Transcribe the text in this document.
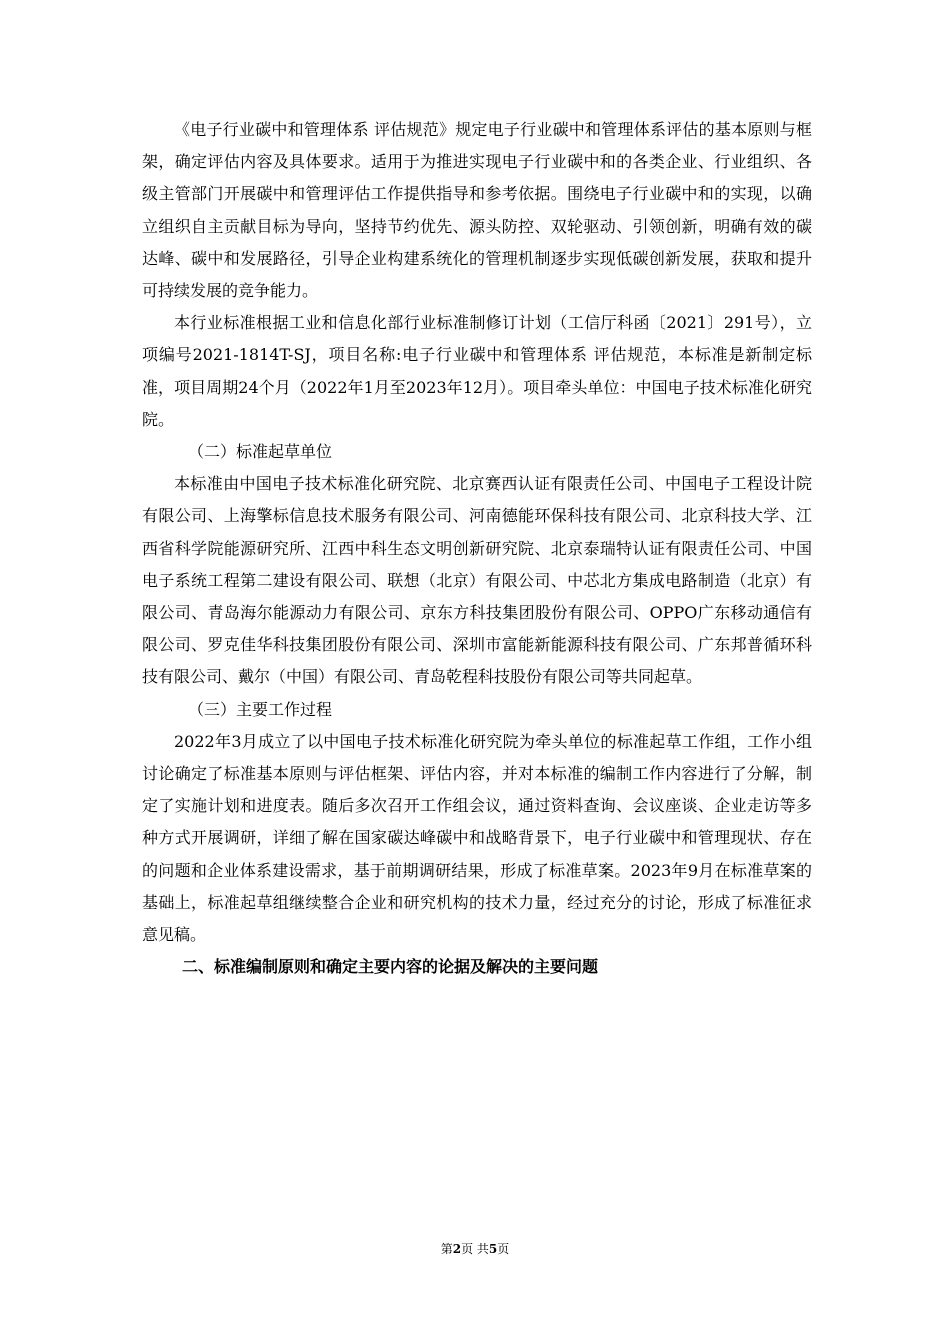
《电子行业碳中和管理体系 评估规范》规定电子行业碳中和管理体系评估的基本原则与框架，确定评估内容及具体要求。适用于为推进实现电子行业碳中和的各类企业、行业组织、各级主管部门开展碳中和管理评估工作提供指导和参考依据。围绕电子行业碳中和的实现，以确立组织自主贡献目标为导向，坚持节约优先、源头防控、双轮驱动、引领创新，明确有效的碳达峰、碳中和发展路径，引导企业构建系统化的管理机制逐步实现低碳创新发展，获取和提升可持续发展的竞争能力。

本行业标准根据工业和信息化部行业标准制修订计划（工信厅科函〔2021〕291号），立项编号2021-1814T-SJ，项目名称:电子行业碳中和管理体系 评估规范，本标准是新制定标准，项目周期24个月（2022年1月至2023年12月）。项目牵头单位：中国电子技术标准化研究院。

（二）标准起草单位

本标准由中国电子技术标准化研究院、北京赛西认证有限责任公司、中国电子工程设计院有限公司、上海擎标信息技术服务有限公司、河南德能环保科技有限公司、北京科技大学、江西省科学院能源研究所、江西中科生态文明创新研究院、北京泰瑞特认证有限责任公司、中国电子系统工程第二建设有限公司、联想（北京）有限公司、中芯北方集成电路制造（北京）有限公司、青岛海尔能源动力有限公司、京东方科技集团股份有限公司、OPPO广东移动通信有限公司、罗克佳华科技集团股份有限公司、深圳市富能新能源科技有限公司、广东邦普循环科技有限公司、戴尔（中国）有限公司、青岛乾程科技股份有限公司等共同起草。

（三）主要工作过程

2022年3月成立了以中国电子技术标准化研究院为牵头单位的标准起草工作组，工作小组讨论确定了标准基本原则与评估框架、评估内容，并对本标准的编制工作内容进行了分解，制定了实施计划和进度表。随后多次召开工作组会议，通过资料查询、会议座谈、企业走访等多种方式开展调研，详细了解在国家碳达峰碳中和战略背景下，电子行业碳中和管理现状、存在的问题和企业体系建设需求，基于前期调研结果，形成了标准草案。2023年9月在标准草案的基础上，标准起草组继续整合企业和研究机构的技术力量，经过充分的讨论，形成了标准征求意见稿。

二、标准编制原则和确定主要内容的论据及解决的主要问题

第2页 共5页
